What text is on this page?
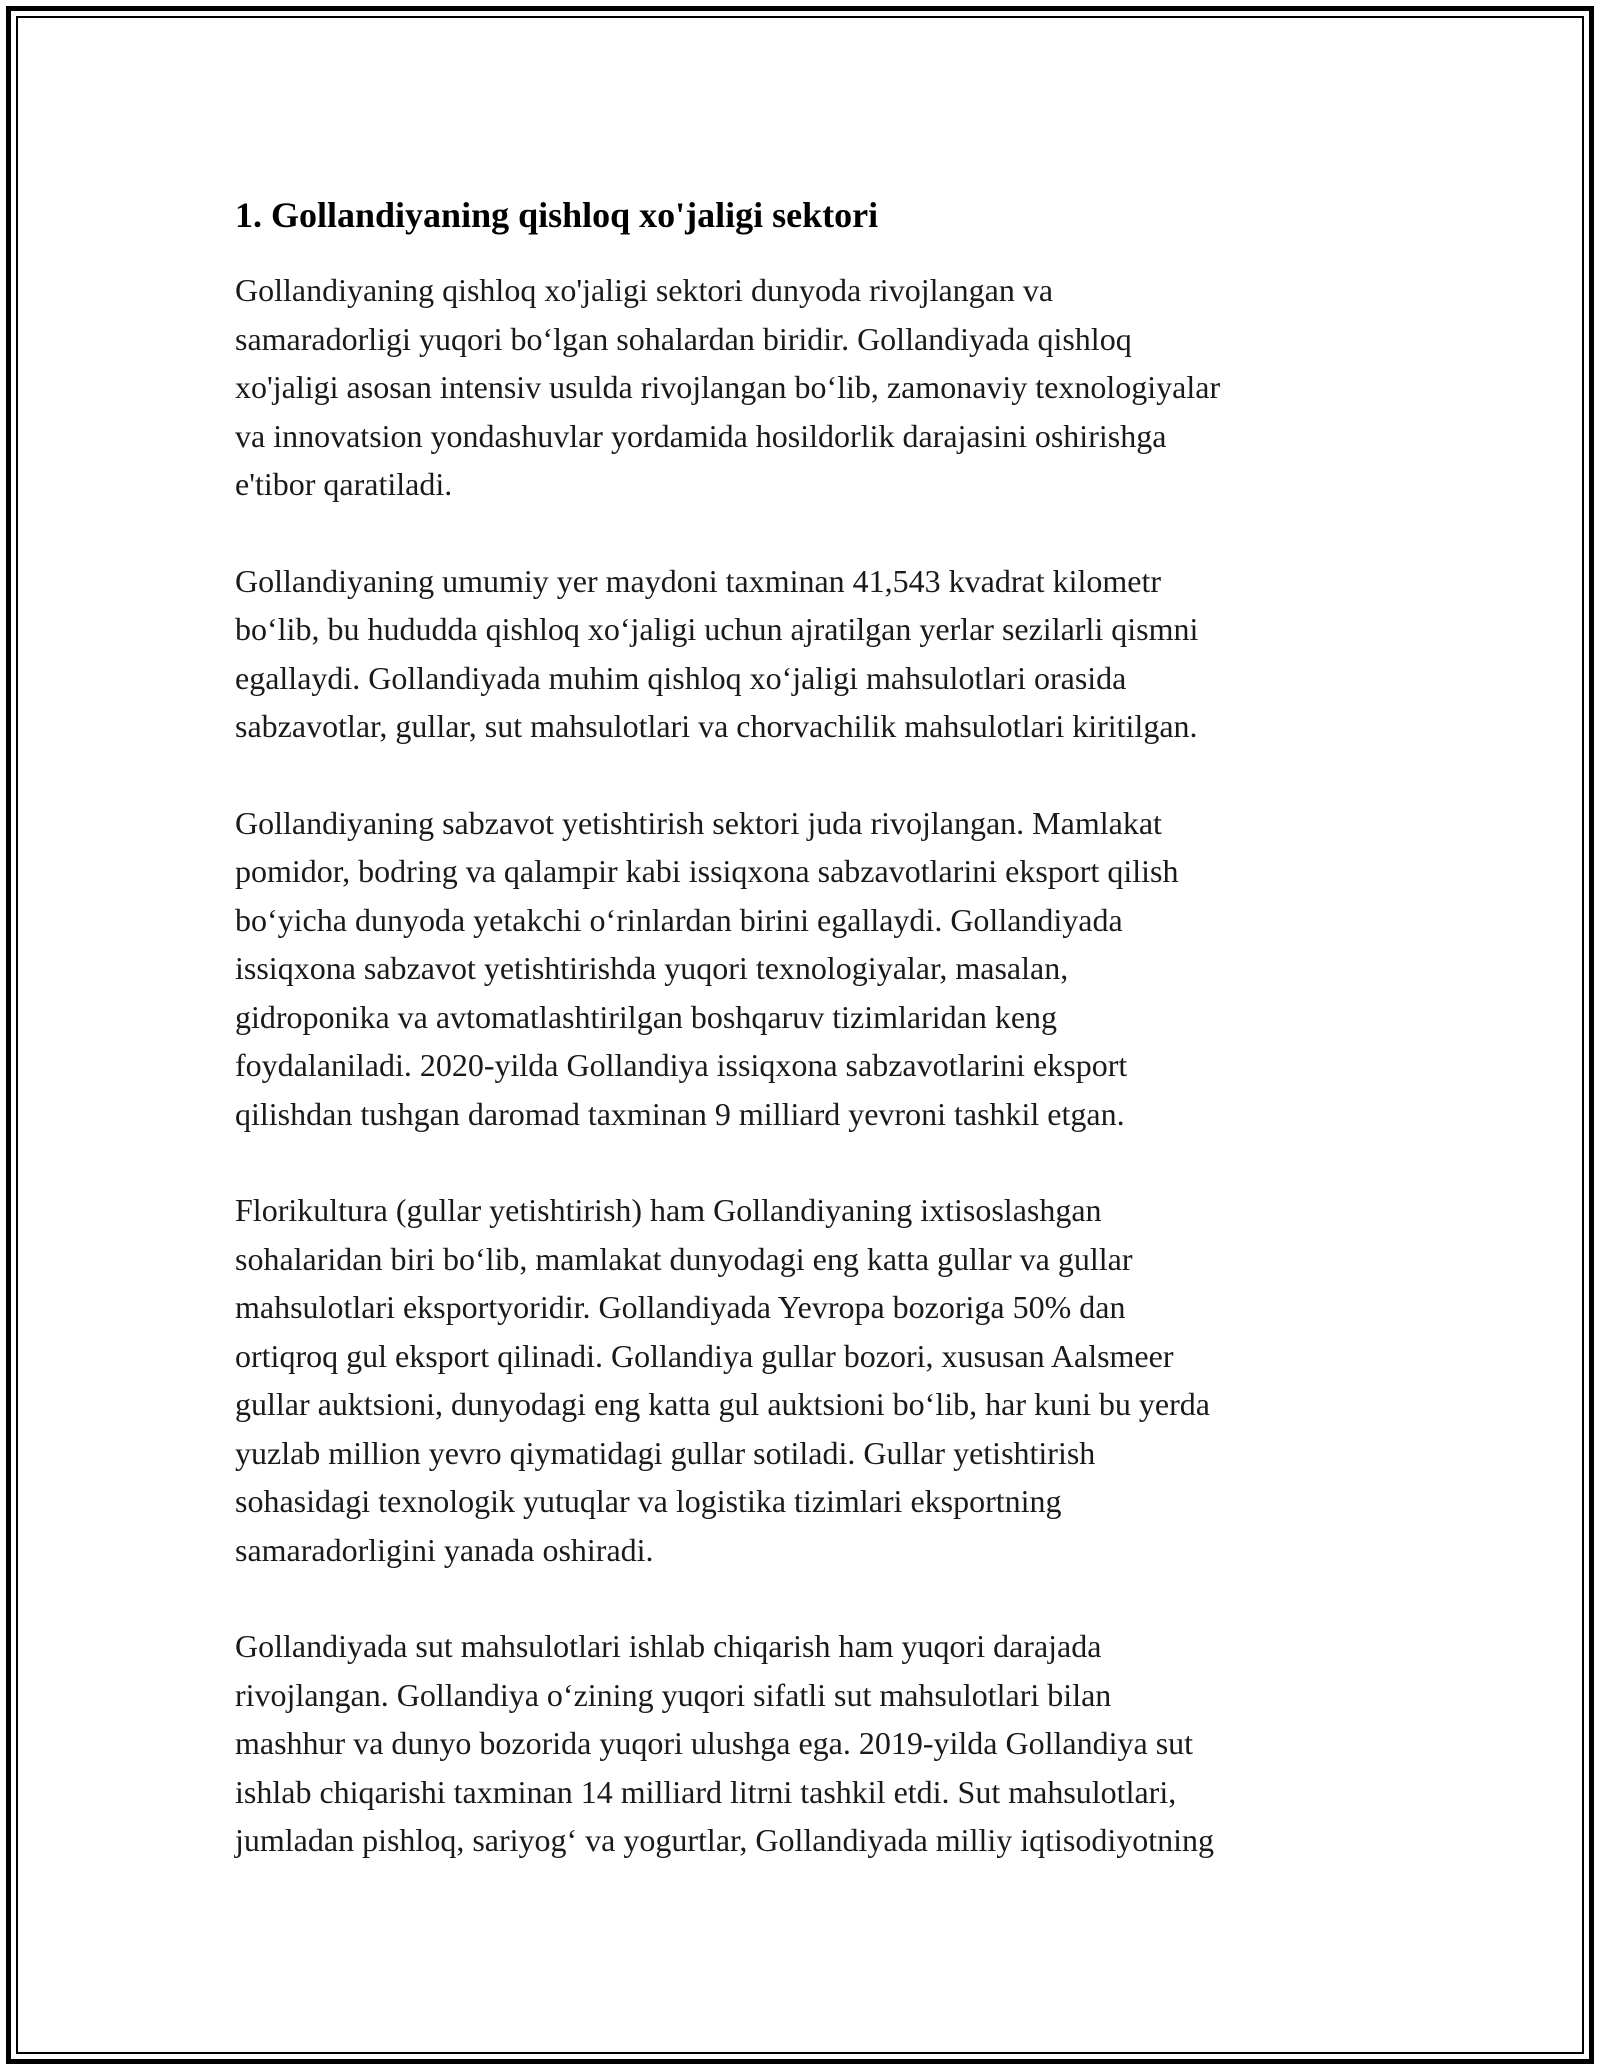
1. Gollandiyaning qishloq xo'jaligi sektori

Gollandiyaning qishloq xo'jaligi sektori dunyoda rivojlangan va
samaradorligi yuqori bo‘lgan sohalardan biridir. Gollandiyada qishloq
xo'jaligi asosan intensiv usulda rivojlangan bo‘lib, zamonaviy texnologiyalar
va innovatsion yondashuvlar yordamida hosildorlik darajasini oshirishga
e'tibor qaratiladi.

Gollandiyaning umumiy yer maydoni taxminan 41,543 kvadrat kilometr
bo‘lib, bu hududda qishloq xo‘jaligi uchun ajratilgan yerlar sezilarli qismni
egallaydi. Gollandiyada muhim qishloq xo‘jaligi mahsulotlari orasida
sabzavotlar, gullar, sut mahsulotlari va chorvachilik mahsulotlari kiritilgan.

Gollandiyaning sabzavot yetishtirish sektori juda rivojlangan. Mamlakat
pomidor, bodring va qalampir kabi issiqxona sabzavotlarini eksport qilish
bo‘yicha dunyoda yetakchi o‘rinlardan birini egallaydi. Gollandiyada
issiqxona sabzavot yetishtirishda yuqori texnologiyalar, masalan,
gidroponika va avtomatlashtirilgan boshqaruv tizimlaridan keng
foydalaniladi. 2020-yilda Gollandiya issiqxona sabzavotlarini eksport
qilishdan tushgan daromad taxminan 9 milliard yevroni tashkil etgan.

Florikultura (gullar yetishtirish) ham Gollandiyaning ixtisoslashgan
sohalaridan biri bo‘lib, mamlakat dunyodagi eng katta gullar va gullar
mahsulotlari eksportyoridir. Gollandiyada Yevropa bozoriga 50% dan
ortiqroq gul eksport qilinadi. Gollandiya gullar bozori, xususan Aalsmeer
gullar auktsioni, dunyodagi eng katta gul auktsioni bo‘lib, har kuni bu yerda
yuzlab million yevro qiymatidagi gullar sotiladi. Gullar yetishtirish
sohasidagi texnologik yutuqlar va logistika tizimlari eksportning
samaradorligini yanada oshiradi.

Gollandiyada sut mahsulotlari ishlab chiqarish ham yuqori darajada
rivojlangan. Gollandiya o‘zining yuqori sifatli sut mahsulotlari bilan
mashhur va dunyo bozorida yuqori ulushga ega. 2019-yilda Gollandiya sut
ishlab chiqarishi taxminan 14 milliard litrni tashkil etdi. Sut mahsulotlari,
jumladan pishloq, sariyog‘ va yogurtlar, Gollandiyada milliy iqtisodiyotning
